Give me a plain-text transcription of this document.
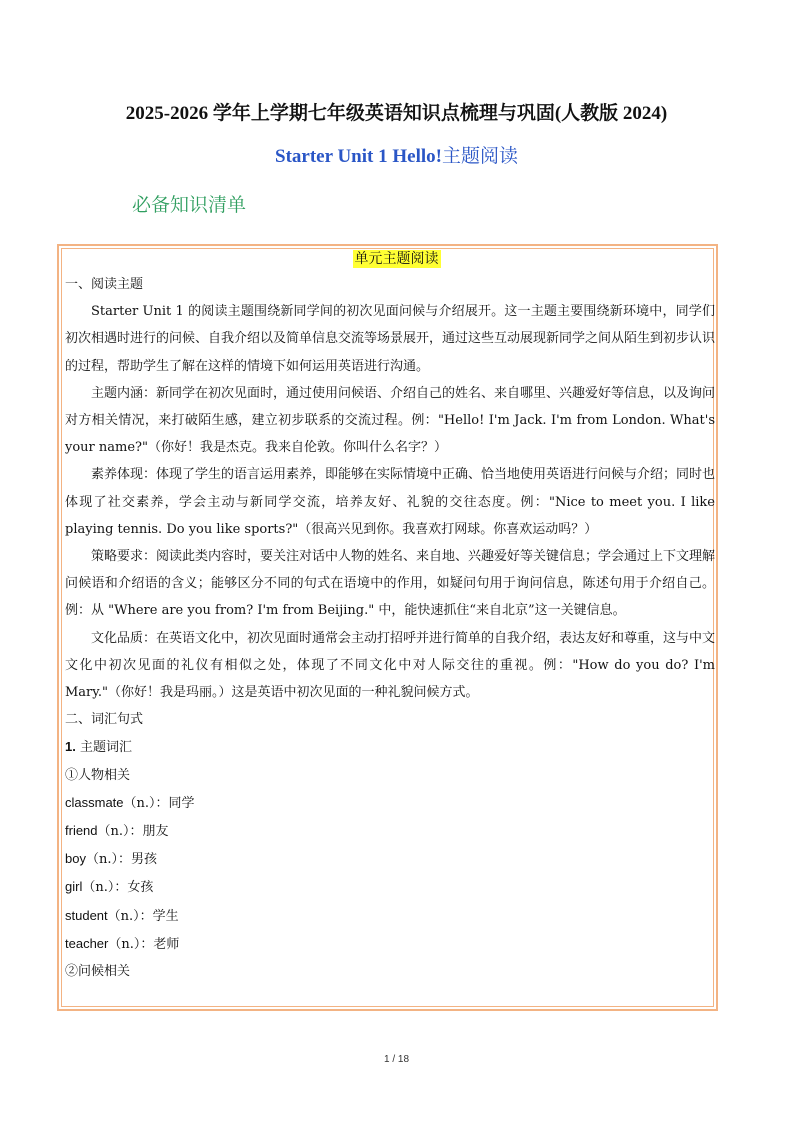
2025-2026 学年上学期七年级英语知识点梳理与巩固(人教版 2024)
Starter Unit 1 Hello!主题阅读
必备知识清单
单元主题阅读

一、阅读主题

Starter Unit 1 的阅读主题围绕新同学间的初次见面问候与介绍展开。这一主题主要围绕新环境中，同学们初次相遇时进行的问候、自我介绍以及简单信息交流等场景展开，通过这些互动展现新同学之间从陌生到初步认识的过程，帮助学生了解在这样的情境下如何运用英语进行沟通。

主题内涵：新同学在初次见面时，通过使用问候语、介绍自己的姓名、来自哪里、兴趣爱好等信息，以及询问对方相关情况，来打破陌生感，建立初步联系的交流过程。例："Hello! I'm Jack. I'm from London. What's your name?"（你好！我是杰克。我来自伦敦。你叫什么名字？）

素养体现：体现了学生的语言运用素养，即能够在实际情境中正确、恰当地使用英语进行问候与介绍；同时也体现了社交素养，学会主动与新同学交流，培养友好、礼貌的交往态度。例："Nice to meet you. I like playing tennis. Do you like sports?"（很高兴见到你。我喜欢打网球。你喜欢运动吗？）

策略要求：阅读此类内容时，要关注对话中人物的姓名、来自地、兴趣爱好等关键信息；学会通过上下文理解问候语和介绍语的含义；能够区分不同的句式在语境中的作用，如疑问句用于询问信息，陈述句用于介绍自己。例：从 "Where are you from? I'm from Beijing." 中，能快速抓住“来自北京”这一关键信息。

文化品质：在英语文化中，初次见面时通常会主动打招呼并进行简单的自我介绍，表达友好和尊重，这与中文文化中初次见面的礼仪有相似之处，体现了不同文化中对人际交往的重视。例："How do you do? I'm Mary."（你好！我是玛丽。）这是英语中初次见面的一种礼貌问候方式。

二、词汇句式

1. 主题词汇

①人物相关

classmate（n.）：同学

friend（n.）：朋友

boy（n.）：男孩

girl（n.）：女孩

student（n.）：学生

teacher（n.）：老师

②问候相关

1 / 18
